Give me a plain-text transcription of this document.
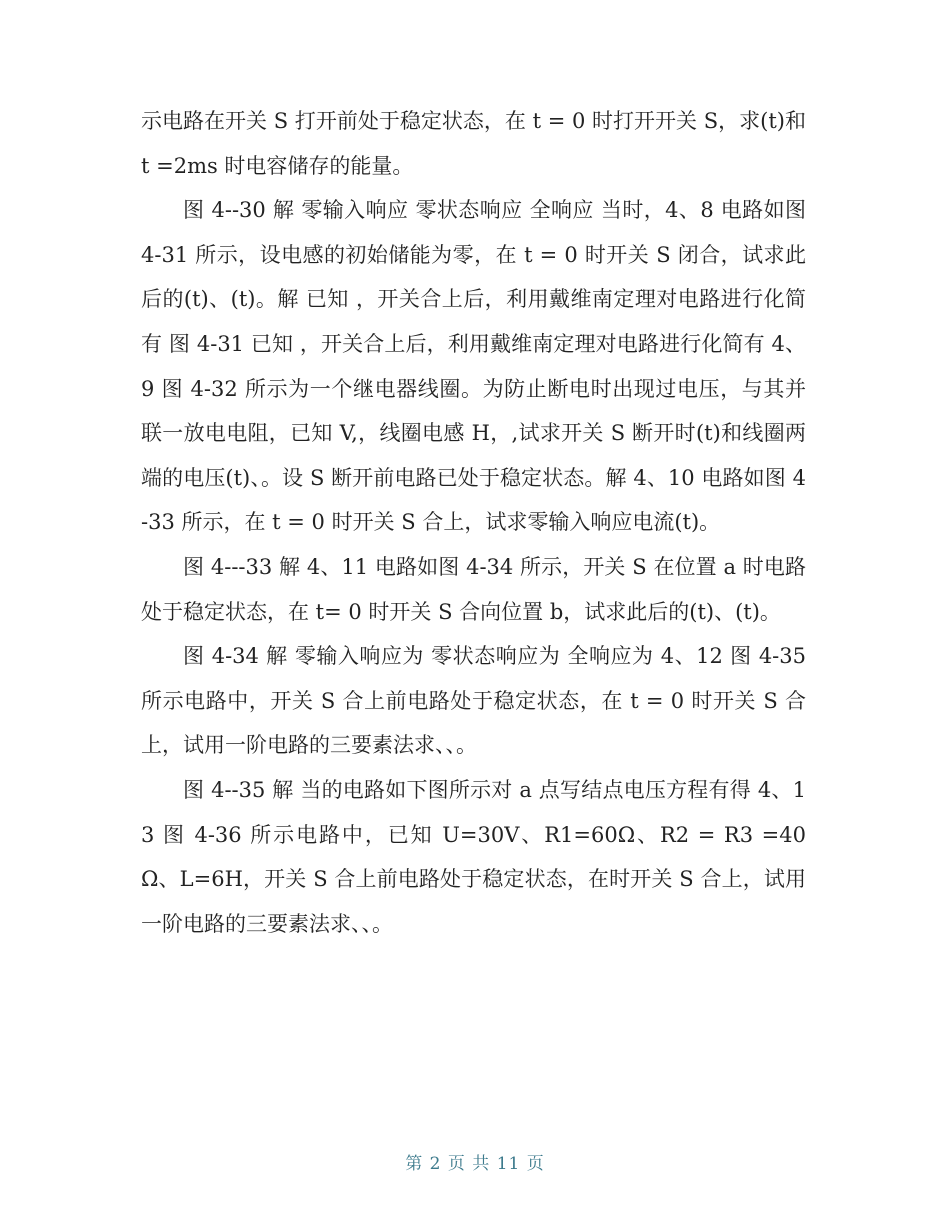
示电路在开关 S 打开前处于稳定状态，在 t = 0 时打开开关 S，求(t)和 t =2ms 时电容储存的能量。

图 4--30 解 零输入响应 零状态响应 全响应 当时，4、8 电路如图 4-31 所示，设电感的初始储能为零，在 t = 0 时开关 S 闭合，试求此后的(t)、(t)。解 已知 ，开关合上后，利用戴维南定理对电路进行化简有 图 4-31 已知 ，开关合上后，利用戴维南定理对电路进行化简有 4、9 图 4-32 所示为一个继电器线圈。为防止断电时出现过电压，与其并联一放电电阻，已知 V,，线圈电感 H，,试求开关 S 断开时(t)和线圈两端的电压(t)、。设 S 断开前电路已处于稳定状态。解 4、10 电路如图 4-33 所示，在 t = 0 时开关 S 合上，试求零输入响应电流(t)。

图 4---33 解 4、11 电路如图 4-34 所示，开关 S 在位置 a 时电路处于稳定状态，在 t= 0 时开关 S 合向位置 b，试求此后的(t)、(t)。

图 4-34 解 零输入响应为 零状态响应为 全响应为 4、12 图 4-35 所示电路中，开关 S 合上前电路处于稳定状态，在 t = 0 时开关 S 合上，试用一阶电路的三要素法求、、。

图 4--35 解 当的电路如下图所示对 a 点写结点电压方程有得 4、13 图 4-36 所示电路中，已知 U=30V、R1=60Ω、R2 = R3 =40Ω、L=6H，开关 S 合上前电路处于稳定状态，在时开关 S 合上，试用一阶电路的三要素法求、、。

第 2 页 共 11 页
